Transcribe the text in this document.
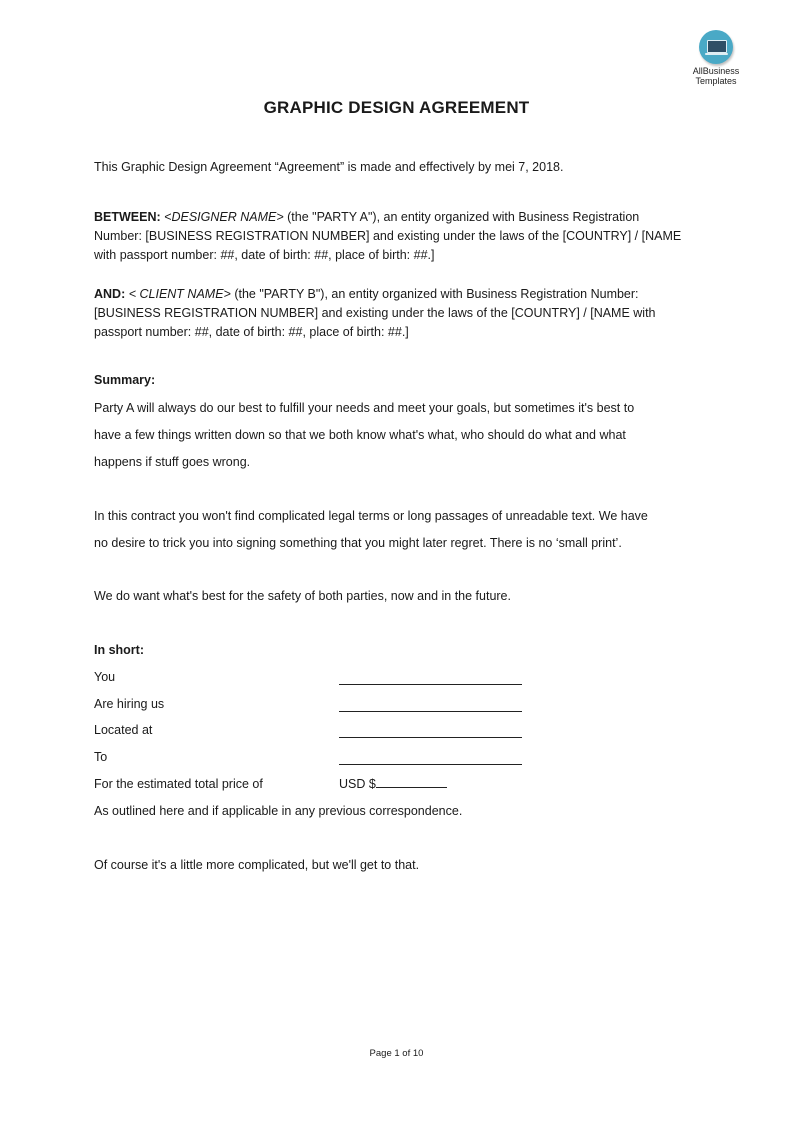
AllBusiness
Templates
GRAPHIC DESIGN AGREEMENT
This Graphic Design Agreement “Agreement” is made and effectively by mei 7, 2018.
BETWEEN: <DESIGNER NAME> (the "PARTY A"), an entity organized with Business Registration
Number: [BUSINESS REGISTRATION NUMBER] and existing under the laws of the [COUNTRY] / [NAME
with passport number: ##, date of birth: ##, place of birth: ##.]
AND: < CLIENT NAME> (the "PARTY B"), an entity organized with Business Registration Number:
[BUSINESS REGISTRATION NUMBER] and existing under the laws of the [COUNTRY] / [NAME with
passport number: ##, date of birth: ##, place of birth: ##.]
Summary:
Party A will always do our best to fulfill your needs and meet your goals, but sometimes it's best to
have a few things written down so that we both know what's what, who should do what and what
happens if stuff goes wrong.
In this contract you won't find complicated legal terms or long passages of unreadable text. We have
no desire to trick you into signing something that you might later regret. There is no ‘small print’.
We do want what's best for the safety of both parties, now and in the future.
In short:
You
Are hiring us
Located at
To
For the estimated total price of	USD $
As outlined here and if applicable in any previous correspondence.
Of course it's a little more complicated, but we'll get to that.
Page 1 of 10
